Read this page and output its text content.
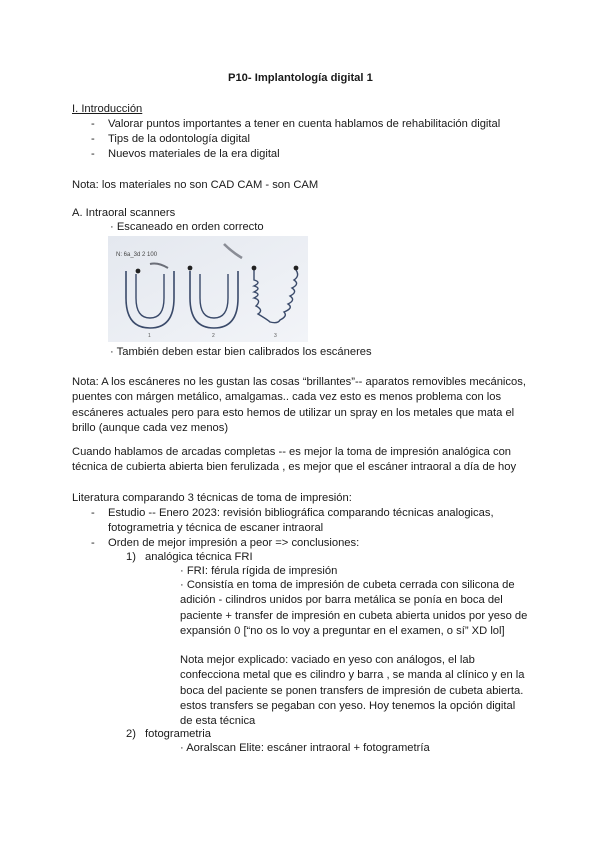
P10- Implantología digital 1
I. Introducción
- Valorar puntos importantes a tener en cuenta hablamos de rehabilitación digital
- Tips de la odontología digital
- Nuevos materiales de la era digital
Nota: los materiales no son CAD CAM - son CAM
A. Intraoral scanners
· Escaneado en orden correcto
N: 6a_3d 2 100
1	2	3
· También deben estar bien calibrados los escáneres
Nota: A los escáneres no les gustan las cosas “brillantes”-- aparatos removibles mecánicos,
puentes con márgen metálico, amalgamas.. cada vez esto es menos problema con los
escáneres actuales pero para esto hemos de utilizar un spray en los metales que mata el
brillo (aunque cada vez menos)
Cuando hablamos de arcadas completas -- es mejor la toma de impresión analógica con
técnica de cubierta abierta bien ferulizada , es mejor que el escáner intraoral a día de hoy
Literatura comparando 3 técnicas de toma de impresión:
- Estudio -- Enero 2023: revisión bibliográfica comparando técnicas analogicas,
fotogrametria y técnica de escaner intraoral
- Orden de mejor impresión a peor => conclusiones:
1) analógica técnica FRI
· FRI: férula rígida de impresión
· Consistía en toma de impresión de cubeta cerrada con silicona de
adición - cilindros unidos por barra metálica se ponía en boca del
paciente + transfer de impresión en cubeta abierta unidos por yeso de
expansión 0 [“no os lo voy a preguntar en el examen, o sí” XD lol]
Nota mejor explicado: vaciado en yeso con análogos, el lab
confecciona metal que es cilindro y barra , se manda al clínico y en la
boca del paciente se ponen transfers de impresión de cubeta abierta.
estos transfers se pegaban con yeso. Hoy tenemos la opción digital
de esta técnica
2) fotogrametria
· Aoralscan Elite: escáner intraoral + fotogrametría
